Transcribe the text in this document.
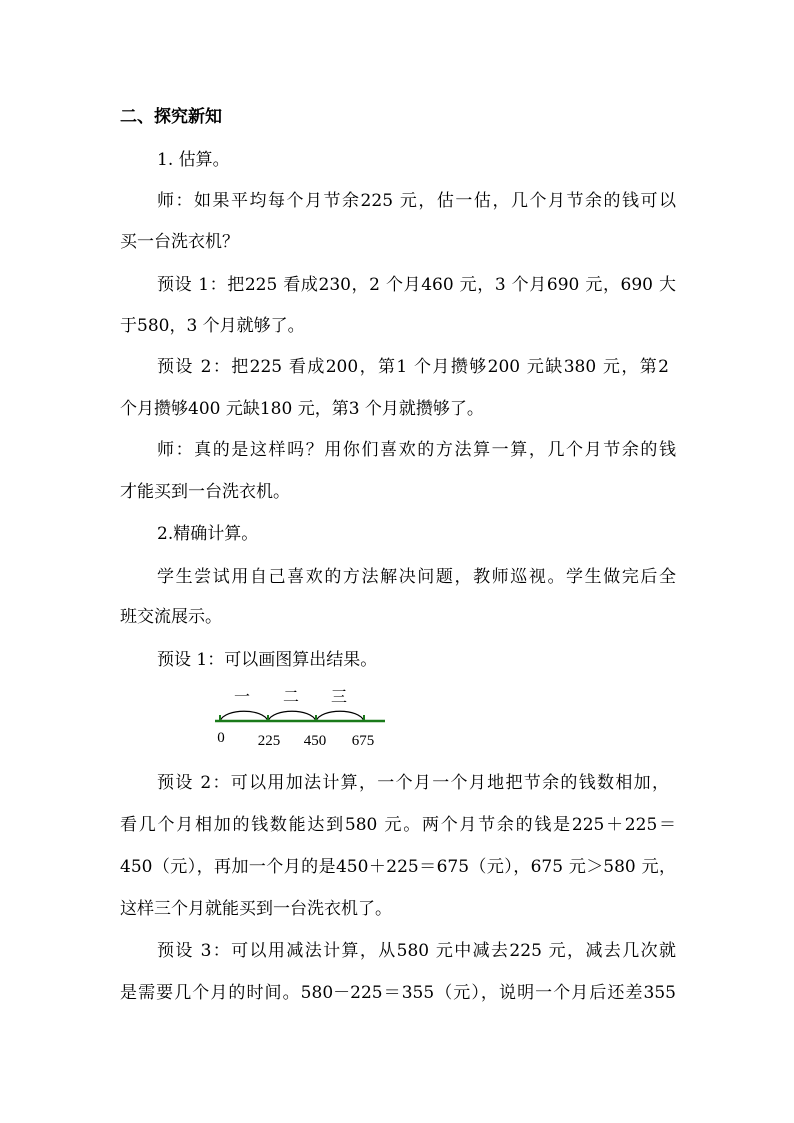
二、探究新知
1. 估算。
师：如果平均每个月节余225 元，估一估，几个月节余的钱可以
买一台洗衣机？
预设 1：把225 看成230，2 个月460 元，3 个月690 元，690 大
于580，3 个月就够了。
预设 2：把225 看成200，第1 个月攒够200 元缺380 元，第2
个月攒够400 元缺180 元，第3 个月就攒够了。
师：真的是这样吗？用你们喜欢的方法算一算，几个月节余的钱
才能买到一台洗衣机。
2.精确计算。
学生尝试用自己喜欢的方法解决问题，教师巡视。学生做完后全
班交流展示。
预设 1：可以画图算出结果。
一 二 三
0 225 450 675
预设 2：可以用加法计算，一个月一个月地把节余的钱数相加，
看几个月相加的钱数能达到580 元。两个月节余的钱是225＋225＝
450（元），再加一个月的是450＋225＝675（元），675 元＞580 元，
这样三个月就能买到一台洗衣机了。
预设 3：可以用减法计算，从580 元中减去225 元，减去几次就
是需要几个月的时间。580－225＝355（元），说明一个月后还差355
